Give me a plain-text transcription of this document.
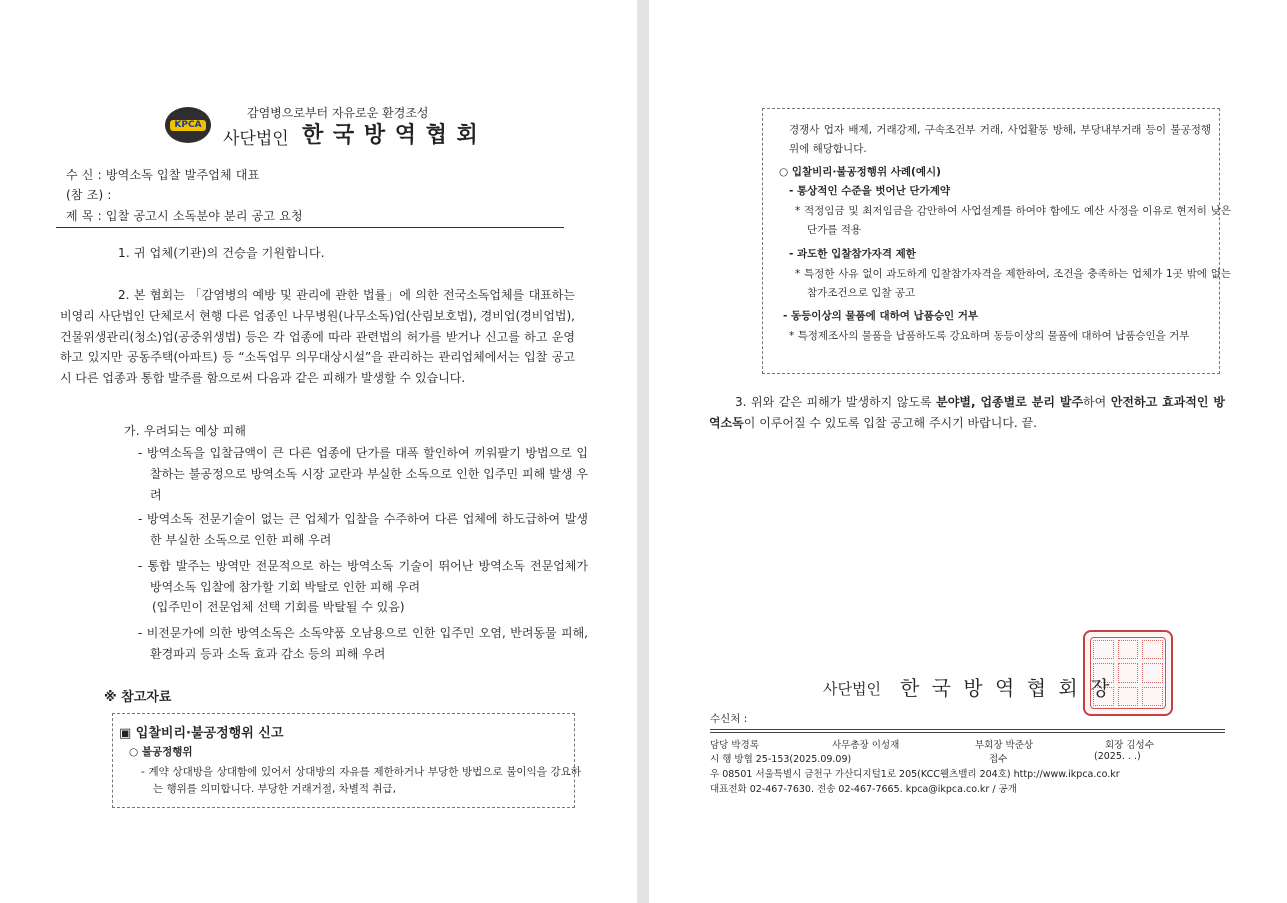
KPCA
감염병으로부터 자유로운 환경조성
사단법인 한 국 방 역 협 회
수 신 : 방역소독 입찰 발주업체 대표
(참 조) :
제 목 : 입찰 공고시 소독분야 분리 공고 요청
1. 귀 업체(기관)의 건승을 기원합니다.
2. 본 협회는 「감염병의 예방 및 관리에 관한 법률」에 의한 전국소독업체를 대표하는 비영리 사단법인 단체로서 현행 다른 업종인 나무병원(나무소독)업(산림보호법), 경비업(경비업법), 건물위생관리(청소)업(공중위생법) 등은 각 업종에 따라 관련법의 허가를 받거나 신고를 하고 운영하고 있지만 공동주택(아파트) 등 “소독업무 의무대상시설”을 관리하는 관리업체에서는 입찰 공고 시 다른 업종과 통합 발주를 함으로써 다음과 같은 피해가 발생할 수 있습니다.
가. 우려되는 예상 피해
- 방역소독을 입찰금액이 큰 다른 업종에 단가를 대폭 할인하여 끼워팔기 방법으로 입찰하는 불공정으로 방역소독 시장 교란과 부실한 소독으로 인한 입주민 피해 발생 우려
- 방역소독 전문기술이 없는 큰 업체가 입찰을 수주하여 다른 업체에 하도급하여 발생한 부실한 소독으로 인한 피해 우려
- 통합 발주는 방역만 전문적으로 하는 방역소독 기술이 뛰어난 방역소독 전문업체가 방역소독 입찰에 참가할 기회 박탈로 인한 피해 우려
(입주민이 전문업체 선택 기회를 박탈될 수 있음)
- 비전문가에 의한 방역소독은 소독약품 오남용으로 인한 입주민 오염, 반려동물 피해, 환경파괴 등과 소독 효과 감소 등의 피해 우려
※ 참고자료
▣ 입찰비리·불공정행위 신고
○ 불공정행위
- 계약 상대방을 상대함에 있어서 상대방의 자유를 제한하거나 부당한 방법으로 불이익을 강요하는 행위를 의미합니다. 부당한 거래거절, 차별적 취급,
경쟁사 업자 배제, 거래강제, 구속조건부 거래, 사업활동 방해, 부당내부거래 등이 불공정행위에 해당합니다.
○ 입찰비리·불공정행위 사례(예시)
- 통상적인 수준을 벗어난 단가계약
* 적정임금 및 최저임금을 감안하여 사업설계를 하여야 함에도 예산 사정을 이유로 현저히 낮은 단가를 적용
- 과도한 입찰참가자격 제한
* 특정한 사유 없이 과도하게 입찰참가자격을 제한하여, 조건을 충족하는 업체가 1곳 밖에 없는 참가조건으로 입찰 공고
- 동등이상의 물품에 대하여 납품승인 거부
* 특정제조사의 물품을 납품하도록 강요하며 동등이상의 물품에 대하여 납품승인을 거부
3. 위와 같은 피해가 발생하지 않도록 분야별, 업종별로 분리 발주하여 안전하고 효과적인 방역소독이 이루어질 수 있도록 입찰 공고해 주시기 바랍니다. 끝.
사단법인 한 국 방 역 협 회 장
수신처 :
담당 박경록	사무총장 이성재	부회장 박준상	회장 김성수
시 행 방협 25-153(2025.09.09)	접수	(2025. . .)
우 08501 서울특별시 금천구 가산디지털1로 205(KCC웰츠밸리 204호) http://www.ikpca.co.kr
대표전화 02-467-7630. 전송 02-467-7665. kpca@ikpca.co.kr / 공개
